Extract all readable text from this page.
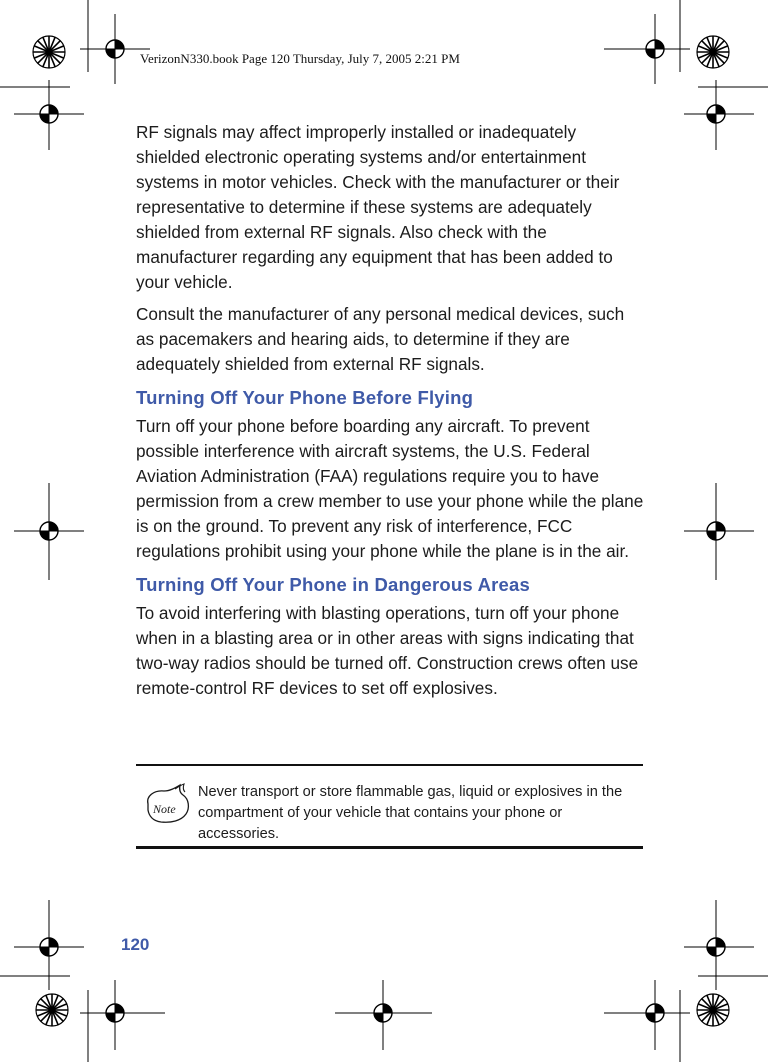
VerizonN330.book Page 120 Thursday, July 7, 2005 2:21 PM

RF signals may affect improperly installed or inadequately shielded electronic operating systems and/or entertainment systems in motor vehicles. Check with the manufacturer or their representative to determine if these systems are adequately shielded from external RF signals. Also check with the manufacturer regarding any equipment that has been added to your vehicle.

Consult the manufacturer of any personal medical devices, such as pacemakers and hearing aids, to determine if they are adequately shielded from external RF signals.

Turning Off Your Phone Before Flying

Turn off your phone before boarding any aircraft. To prevent possible interference with aircraft systems, the U.S. Federal Aviation Administration (FAA) regulations require you to have permission from a crew member to use your phone while the plane is on the ground. To prevent any risk of interference, FCC regulations prohibit using your phone while the plane is in the air.

Turning Off Your Phone in Dangerous Areas

To avoid interfering with blasting operations, turn off your phone when in a blasting area or in other areas with signs indicating that two-way radios should be turned off. Construction crews often use remote-control RF devices to set off explosives.

Note
Never transport or store flammable gas, liquid or explosives in the compartment of your vehicle that contains your phone or accessories.
120
